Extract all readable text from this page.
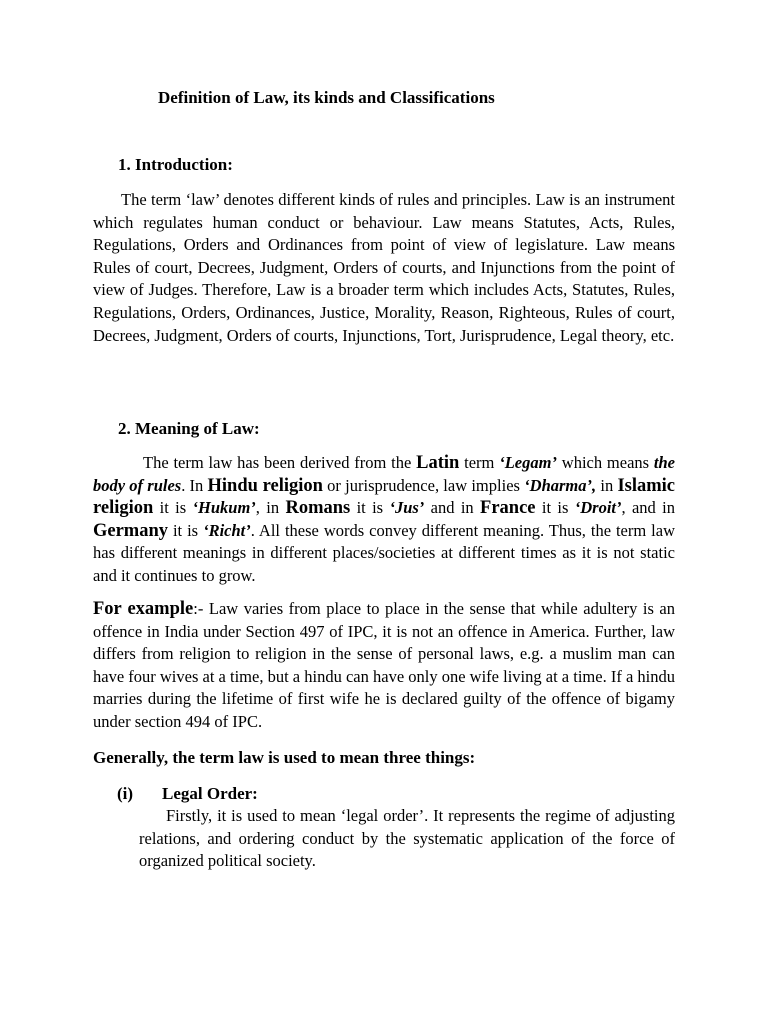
Definition of Law, its kinds and Classifications
1. Introduction:

The term ‘law’ denotes different kinds of rules and principles. Law is an instrument which regulates human conduct or behaviour. Law means Statutes, Acts, Rules, Regulations, Orders and Ordinances from point of view of legislature. Law means Rules of court, Decrees, Judgment, Orders of courts, and Injunctions from the point of view of Judges. Therefore, Law is a broader term which includes Acts, Statutes, Rules, Regulations, Orders, Ordinances, Justice, Morality, Reason, Righteous, Rules of court, Decrees, Judgment, Orders of courts, Injunctions, Tort, Jurisprudence, Legal theory, etc.

2. Meaning of Law:

The term law has been derived from the Latin term ‘Legam’ which means the body of rules. In Hindu religion or jurisprudence, law implies ‘Dharma’, in Islamic religion it is ‘Hukum’, in Romans it is ‘Jus’ and in France it is ‘Droit’, and in Germany it is ‘Richt’. All these words convey different meaning. Thus, the term law has different meanings in different places/societies at different times as it is not static and it continues to grow.

For example:- Law varies from place to place in the sense that while adultery is an offence in India under Section 497 of IPC, it is not an offence in America. Further, law differs from religion to religion in the sense of personal laws, e.g. a muslim man can have four wives at a time, but a hindu can have only one wife living at a time. If a hindu marries during the lifetime of first wife he is declared guilty of the offence of bigamy under section 494 of IPC.

Generally, the term law is used to mean three things:
(i) Legal Order:

Firstly, it is used to mean ‘legal order’. It represents the regime of adjusting relations, and ordering conduct by the systematic application of the force of organized political society.
